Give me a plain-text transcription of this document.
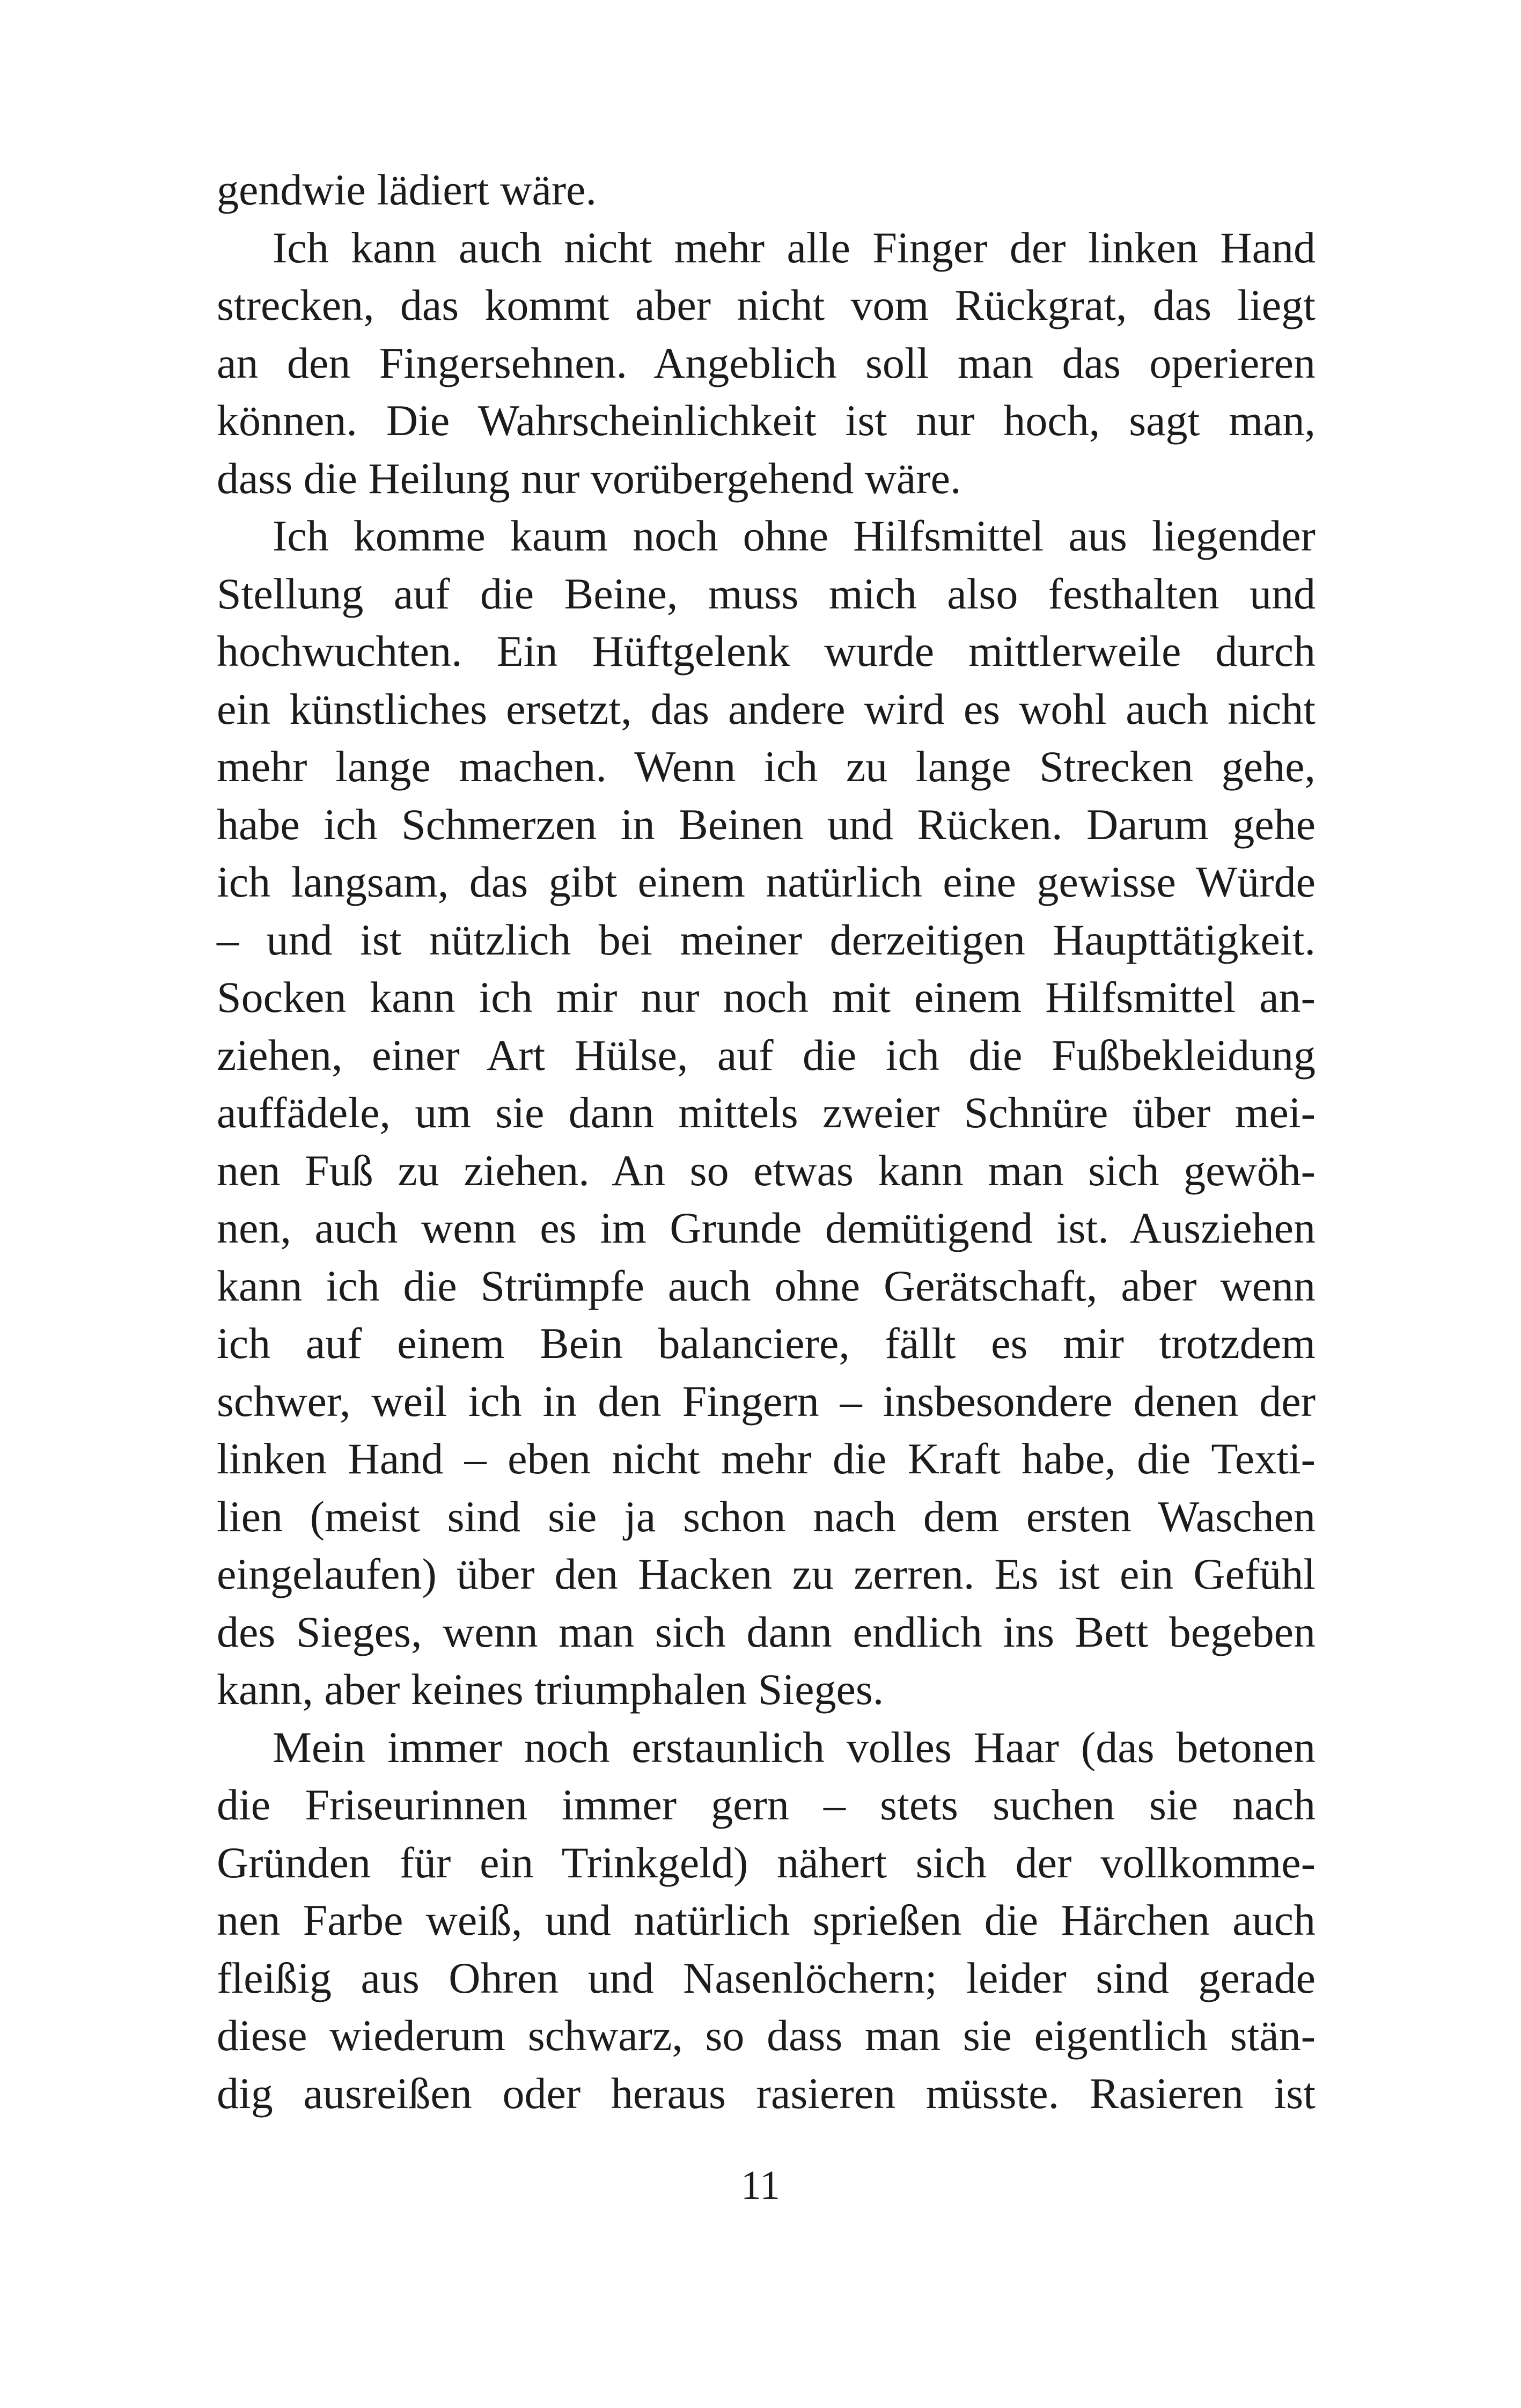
gendwie lädiert wäre.
Ich kann auch nicht mehr alle Finger der linken Hand
strecken, das kommt aber nicht vom Rückgrat, das liegt
an den Fingersehnen. Angeblich soll man das operieren
können. Die Wahrscheinlichkeit ist nur hoch, sagt man,
dass die Heilung nur vorübergehend wäre.
Ich komme kaum noch ohne Hilfsmittel aus liegender
Stellung auf die Beine, muss mich also festhalten und
hochwuchten. Ein Hüftgelenk wurde mittlerweile durch
ein künstliches ersetzt, das andere wird es wohl auch nicht
mehr lange machen. Wenn ich zu lange Strecken gehe,
habe ich Schmerzen in Beinen und Rücken. Darum gehe
ich langsam, das gibt einem natürlich eine gewisse Würde
– und ist nützlich bei meiner derzeitigen Haupttätigkeit.
Socken kann ich mir nur noch mit einem Hilfsmittel an-
ziehen, einer Art Hülse, auf die ich die Fußbekleidung
auffädele, um sie dann mittels zweier Schnüre über mei-
nen Fuß zu ziehen. An so etwas kann man sich gewöh-
nen, auch wenn es im Grunde demütigend ist. Ausziehen
kann ich die Strümpfe auch ohne Gerätschaft, aber wenn
ich auf einem Bein balanciere, fällt es mir trotzdem
schwer, weil ich in den Fingern – insbesondere denen der
linken Hand – eben nicht mehr die Kraft habe, die Texti-
lien (meist sind sie ja schon nach dem ersten Waschen
eingelaufen) über den Hacken zu zerren. Es ist ein Gefühl
des Sieges, wenn man sich dann endlich ins Bett begeben
kann, aber keines triumphalen Sieges.
Mein immer noch erstaunlich volles Haar (das betonen
die Friseurinnen immer gern – stets suchen sie nach
Gründen für ein Trinkgeld) nähert sich der vollkomme-
nen Farbe weiß, und natürlich sprießen die Härchen auch
fleißig aus Ohren und Nasenlöchern; leider sind gerade
diese wiederum schwarz, so dass man sie eigentlich stän-
dig ausreißen oder heraus rasieren müsste. Rasieren ist
11
